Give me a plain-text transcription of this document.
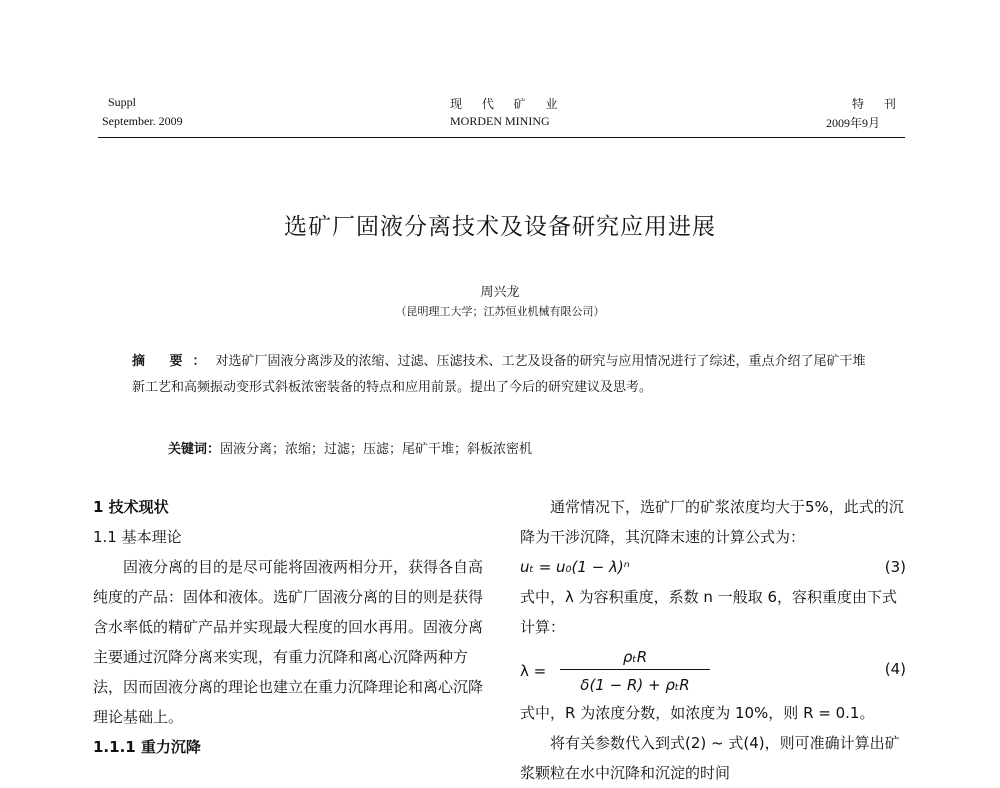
Suppl
September. 2009
现 代 矿 业
MORDEN MINING
特 刊
2009年9月
选矿厂固液分离技术及设备研究应用进展
周兴龙
（昆明理工大学；江苏恒业机械有限公司）
摘 要：对选矿厂固液分离涉及的浓缩、过滤、压滤技术、工艺及设备的研究与应用情况进行了综述，重点介绍了尾矿干堆新工艺和高频振动变形式斜板浓密装备的特点和应用前景。提出了今后的研究建议及思考。
关键词：固液分离；浓缩；过滤；压滤；尾矿干堆；斜板浓密机

1 技术现状

1.1 基本理论

固液分离的目的是尽可能将固液两相分开，获得各自高纯度的产品：固体和液体。选矿厂固液分离的目的则是获得含水率低的精矿产品并实现最大程度的回水再用。固液分离主要通过沉降分离来实现，有重力沉降和离心沉降两种方法，因而固液分离的理论也建立在重力沉降理论和离心沉降理论基础上。

1.1.1 重力沉降

通常情况下，选矿厂的矿浆浓度均大于5%，此式的沉降为干涉沉降，其沉降末速的计算公式为：

uₜ = u₀(1 − λ)ⁿ	(3)

式中，λ 为容积重度，系数 n 一般取 6，容积重度由下式计算：

λ =
ρₜR
δ(1 − R) + ρₜR
(4)

式中，R 为浓度分数，如浓度为 10%，则 R = 0.1。

将有关参数代入到式(2) ~ 式(4)，则可准确计算出矿浆颗粒在水中沉降和沉淀的时间
